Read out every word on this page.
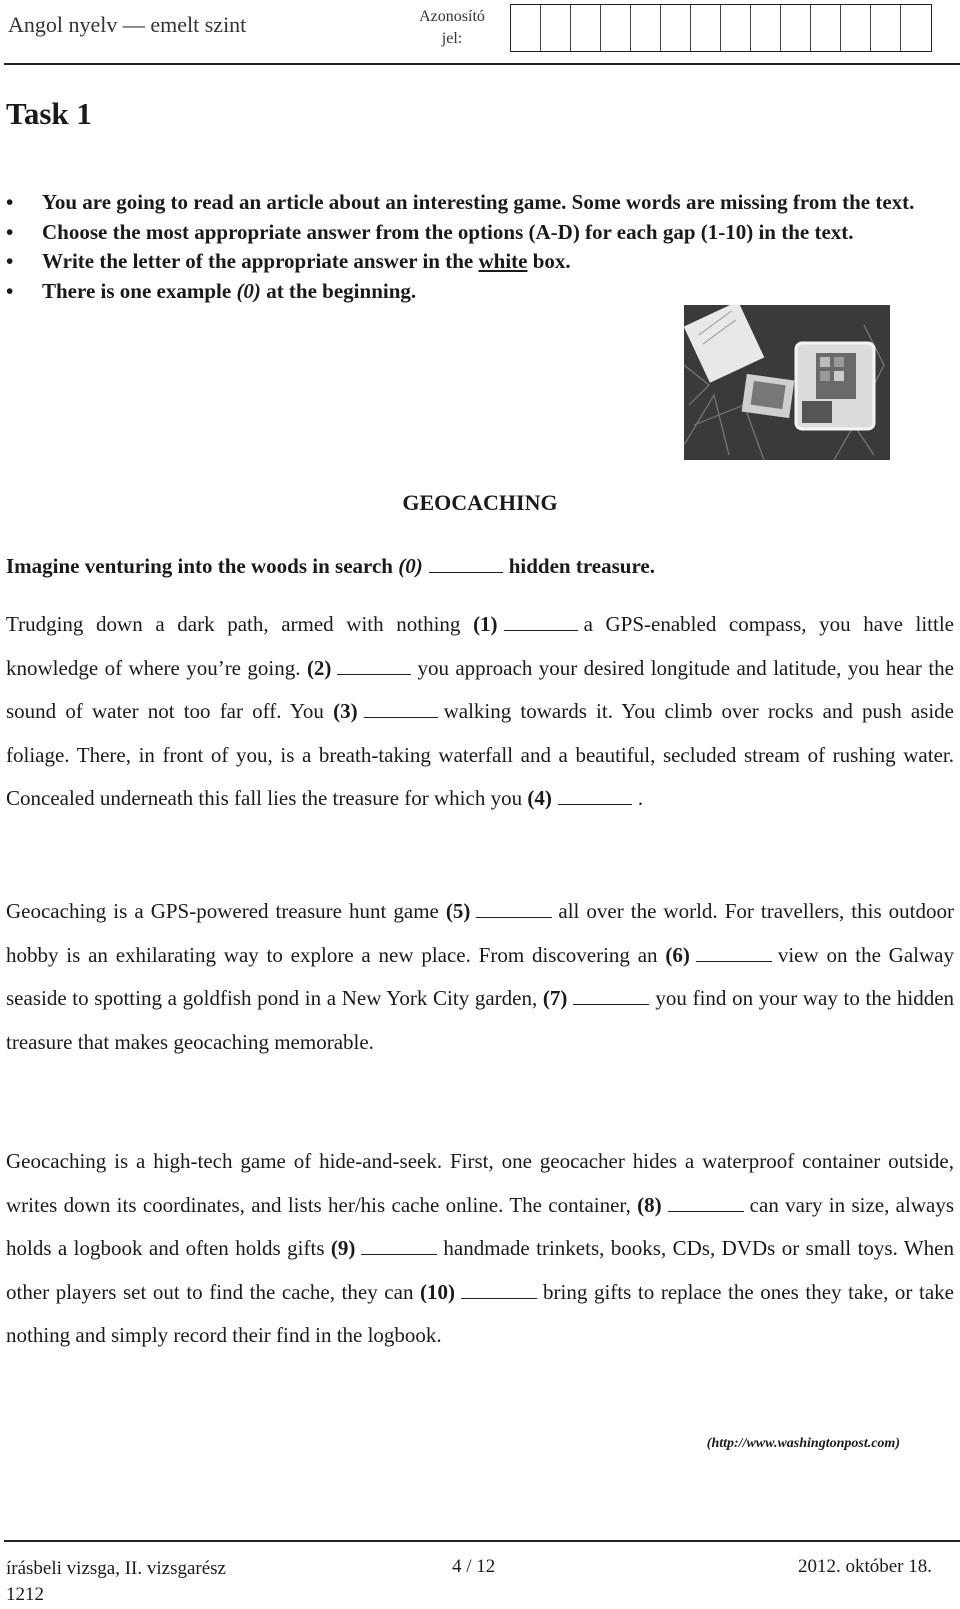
Angol nyelv — emelt szint	Azonosító
jel:
Task 1
• You are going to read an article about an interesting game. Some words are missing from the text.
• Choose the most appropriate answer from the options (A-D) for each gap (1-10) in the text.
• Write the letter of the appropriate answer in the white box.
• There is one example (0) at the beginning.
GEOCACHING
Imagine venturing into the woods in search (0)	hidden treasure.
Trudging down a dark path, armed with nothing (1)	a GPS-enabled compass, you have little knowledge of where you’re going. (2)	you approach your desired longitude and latitude, you hear the sound of water not too far off. You (3)	walking towards it. You climb over rocks and push aside foliage. There, in front of you, is a breath-taking waterfall and a beautiful, secluded stream of rushing water. Concealed underneath this fall lies the treasure for which you (4)	.
Geocaching is a GPS-powered treasure hunt game (5)	all over the world. For travellers, this outdoor hobby is an exhilarating way to explore a new place. From discovering an (6)	view on the Galway seaside to spotting a goldfish pond in a New York City garden, (7)	you find on your way to the hidden treasure that makes geocaching memorable.
Geocaching is a high-tech game of hide-and-seek. First, one geocacher hides a waterproof container outside, writes down its coordinates, and lists her/his cache online. The container, (8)	can vary in size, always holds a logbook and often holds gifts (9)	handmade trinkets, books, CDs, DVDs or small toys. When other players set out to find the cache, they can (10)	bring gifts to replace the ones they take, or take nothing and simply record their find in the logbook.
(http://www.washingtonpost.com)
írásbeli vizsga, II. vizsgarész
1212
4 / 12	2012. október 18.
